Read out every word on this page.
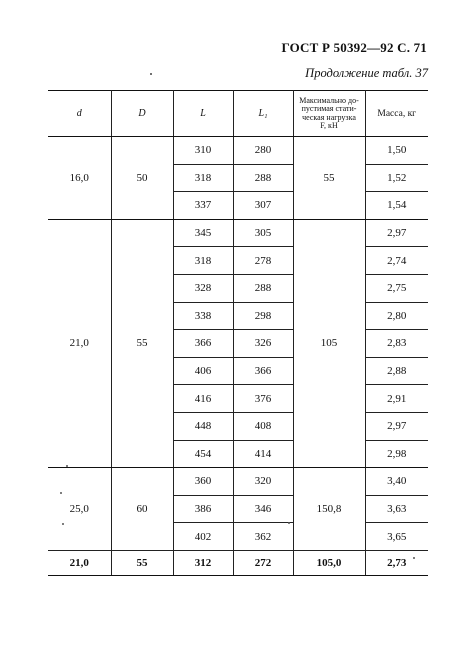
ГОСТ Р 50392—92 С. 71
Продолжение табл. 37
d	D	L	L₁	Максимально до-
пустимая стати-
ческая нагрузка
F, кН	Масса, кг
16,0	50	310	280	55	1,50
		318	288		1,52
		337	307		1,54
21,0	55	345	305	105	2,97
		318	278		2,74
		328	288		2,75
		338	298		2,80
		366	326		2,83
		406	366		2,88
		416	376		2,91
		448	408		2,97
		454	414		2,98
25,0	60	360	320	150,8	3,40
		386	346		3,63
		402	362		3,65
21,0	55	312	272	105,0	2,73
